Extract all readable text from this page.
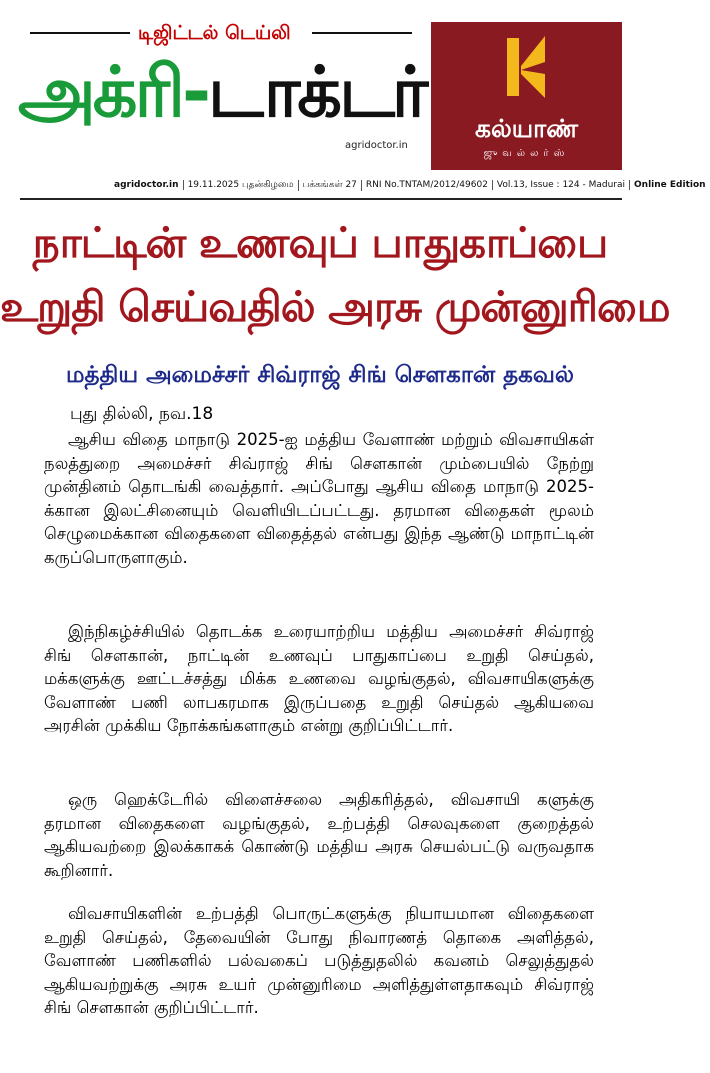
டிஜிட்டல் டெய்லி
அக்ரி-டாக்டர்
agridoctor.in
கல்யாண்
ஜுவல்லர்ஸ்
agridoctor.in 19.11.2025 புதன்கிழமை பக்கங்கள் 27 RNI No.TNTAM/2012/49602 Vol.13, Issue : 124 - Madurai Online Edition
நாட்டின் உணவுப் பாதுகாப்பை
உறுதி செய்வதில் அரசு முன்னுரிமை
மத்திய அமைச்சர் சிவ்ராஜ் சிங் சௌகான் தகவல்
புது தில்லி, நவ.18
ஆசிய விதை மாநாடு 2025-ஐ மத்திய வேளாண் மற்றும் விவசாயிகள் நலத்துறை அமைச்சர் சிவ்ராஜ் சிங் சௌகான் மும்பையில் நேற்று முன்தினம் தொடங்கி வைத்தார். அப்போது ஆசிய விதை மாநாடு 2025-க்கான இலட்சினையும் வெளியிடப்பட்டது. தரமான விதைகள் மூலம் செழுமைக்கான விதைகளை விதைத்தல் என்பது இந்த ஆண்டு மாநாட்டின் கருப்பொருளாகும்.
இந்நிகழ்ச்சியில் தொடக்க உரையாற்றிய மத்திய அமைச்சர் சிவ்ராஜ் சிங் சௌகான், நாட்டின் உணவுப் பாதுகாப்பை உறுதி செய்தல், மக்களுக்கு ஊட்டச்சத்து மிக்க உணவை வழங்குதல், விவசாயிகளுக்கு வேளாண் பணி லாபகரமாக இருப்பதை உறுதி செய்தல் ஆகியவை அரசின் முக்கிய நோக்கங்களாகும் என்று குறிப்பிட்டார்.
ஒரு ஹெக்டேரில் விளைச்சலை அதிகரித்தல், விவசாயி களுக்கு தரமான விதைகளை வழங்குதல், உற்பத்தி செலவுகளை குறைத்தல் ஆகியவற்றை இலக்காகக் கொண்டு மத்திய அரசு செயல்பட்டு வருவதாக கூறினார்.
விவசாயிகளின் உற்பத்தி பொருட்களுக்கு நியாயமான விதைகளை உறுதி செய்தல், தேவையின் போது நிவாரணத் தொகை அளித்தல், வேளாண் பணிகளில் பல்வகைப் படுத்துதலில் கவனம் செலுத்துதல் ஆகியவற்றுக்கு அரசு உயர் முன்னுரிமை அளித்துள்ளதாகவும் சிவ்ராஜ் சிங் சௌகான் குறிப்பிட்டார்.
